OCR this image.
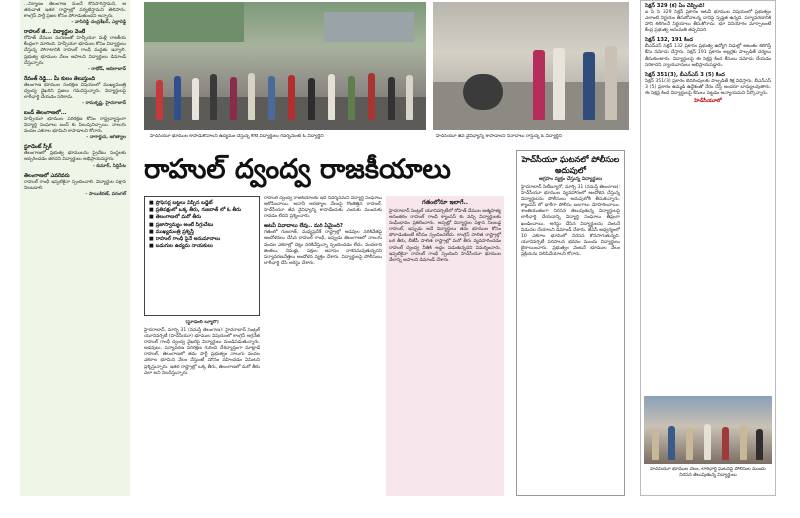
...నిర్మాణం తెలంగాణ నుంచే కొనసాగిస్తామని, ఆ తరువాత ఇతర రాష్ట్రాల్లో పర్యటిస్తామని తెలిపారు. కాంగ్రెస్ పార్టీ ప్రజల కోసం పోరాడుతుందని అన్నారు.
- వాసిరెడ్డి చంద్రశేఖర్, ఎల్లారెడ్డి
రాహుల్ జీ... విద్యార్థుల వెంటే
రోహిత్ వేముల మరణంతో హెచ్సీయూ మళ్లీ రాజకీయ కేంద్రంగా మారింది. హెచ్సీయూ భూముల కోసం విద్యార్థులు చేస్తున్న పోరాటానికి రాహుల్ గాంధీ మద్దతు ఇవ్వాలి. ప్రభుత్వ భూముల వేలం ఆపాలని విద్యార్థులు డిమాండ్ చేస్తున్నారు.
- రాథోడ్, ఆదిలాబాద్
రేవంత్ రెడ్డి... మీ కులం తెలుస్తుంది
తెలంగాణ భూముల సంరక్షణ విషయంలో ముఖ్యమంత్రి ద్వంద్వ వైఖరిని ప్రజలు గమనిస్తున్నారు. విద్యార్థులపై లాఠీఛార్జి చేయడం సరికాదు.
- రామకృష్ణ, హైదరాబాద్
బంద్ తెలంగాణలో...
హెచ్సీయూ భూముల పరిరక్షణ కోసం రాష్ట్రవ్యాప్తంగా విద్యార్థి సంఘాలు బంద్ కు పిలుపునిచ్చాయి. నాలుగు వందల ఎకరాల భూమిని కాపాడాలని కోరారు.
- నాగార్జున, జగిత్యాల
స్టూడెంట్ స్పీక్
తెలంగాణలో ప్రభుత్వ భూములను ప్రైవేటు సంస్థలకు అప్పగించడం తగదని విద్యార్థులు అభిప్రాయపడ్డారు.
- కుమార్, సిద్దిపేట
తెలంగాణలో ఎవరెవరు
రాహుల్ గాంధీ ఇప్పటికైనా స్పందించాలి. విద్యార్థుల పక్షాన నిలబడాలి.
- సాయికిరణ్, వరంగల్
హెచ్‌సీయూ భూముల కాపాడుకోవాలని ఉద్యమం చేస్తున్న కోటి విద్యార్థులు గవర్నమెంట్ ఓ విద్యార్థిని	హెచ్‌సీయూ జీవ వైవిధ్యాన్ని కాపాడాలని నినాదాలు రాస్తున్న ఓ విద్యార్థిని
రాహుల్ ద్వంద్వ రాజకీయాలు
■ ప్రొఫెసర్ల బట్టలు విప్పిన బడ్జెట్
■ ప్రతిపక్షంలో ఒక్క తీరు, గుజరాత్ లో ఓ తీరు
■ తెలంగాణలో మరో తీరు
■ ప్రజాస్వామ్యం అంటే సిగ్గుచేటు
■ ముఖ్యమంత్రి ప్రశ్నిస్తే
■ రాహుల్ గాంధీ పైనే అనుమానాలు
■ బడుగుల ఉద్యమ నాయకులు
(స్టూడెంట్ బ్యూరో)
హైదరాబాద్, మార్చి 31 (నమస్తే తెలంగాణ): హైదరాబాద్ సెంట్రల్ యూనివర్సిటీ (హెచ్‌సీయూ) భూముల విషయంలో కాంగ్రెస్ అగ్రనేత రాహుల్ గాంధీ ద్వంద్వ వైఖరిపై విద్యార్థులు మండిపడుతున్నారు. అడవులు, పర్యావరణ పరిరక్షణ గురించి దేశవ్యాప్తంగా మాట్లాడే రాహుల్, తెలంగాణలో తమ పార్టీ ప్రభుత్వం నాలుగు వందల ఎకరాల భూమిని వేలం వేస్తుంటే మౌనం వహించడం ఏమిటని ప్రశ్నిస్తున్నారు. ఇతర రాష్ట్రాల్లో ఒక్క తీరు, తెలంగాణలో మరో తీరు ఎలా అని నిలదీస్తున్నారు.
రాహుల్ ద్వంద్వ రాజకీయాలకు ఇదే నిదర్శనమని విద్యార్థి సంఘాలు ఆరోపించాయి. అదానీ అరణ్యాల వేలంపై గొంతెత్తిన రాహుల్, హెచ్‌సీయూ జీవ వైవిధ్యాన్ని కాపాడేందుకు ఎందుకు ముందుకు రావడం లేదని ప్రశ్నించారు.
అటవీ వివాదాలు లేవు.. మరి ఏమైంది?
గతంలో గుజరాత్, మధ్యప్రదేశ్ రాష్ట్రాల్లో అడవుల నరికివేతపై ఆందోళనలు చేసిన రాహుల్ గాంధీ, ఇప్పుడు తెలంగాణలో నాలుగు వందల ఎకరాల్లో చెట్లు నరికివేస్తున్నా స్పందించడం లేదు. వందలాది జింకలు, నెమళ్లు, పక్షుల ఆవాసం నాశనమవుతున్నదని పర్యావరణవేత్తలు ఆందోళన వ్యక్తం చేశారు. విద్యార్థులపై పోలీసులు లాఠీఛార్జి చేసి అరెస్టు చేశారు.
గతంలోనూ ఇలాగే..
హైదరాబాద్ సెంట్రల్ యూనివర్సిటీలో రోహిత్ వేముల ఆత్మహత్య అనంతరం రాహుల్ గాంధీ క్యాంపస్ కు వచ్చి విద్యార్థులకు సంఘీభావం ప్రకటించారు. అప్పట్లో విద్యార్థుల పక్షాన నిలబడ్డ రాహుల్, ఇప్పుడు అదే విద్యార్థులు తమ భూముల కోసం పోరాడుతుంటే కనీసం స్పందించలేదు. కాంగ్రెస్ పాలిత రాష్ట్రాల్లో ఒక తీరు, బీజేపీ పాలిత రాష్ట్రాల్లో మరో తీరు వ్యవహరించడం రాహుల్ ద్వంద్వ నీతికి అద్దం పడుతున్నదని విమర్శించారు. ఇప్పటికైనా రాహుల్ గాంధీ స్పందించి హెచ్‌సీయూ భూముల వేలాన్ని ఆపాలని డిమాండ్ చేశారు.
హెచ్‌సీయూ ఘటనలో పోలీసుల అదుపులో
ఆగ్రహం వ్యక్తం చేస్తున్న విద్యార్థులు
హైదరాబాద్ సిటీబ్యూరో, మార్చి 31 (నమస్తే తెలంగాణ): హెచ్‌సీయూ భూముల వ్యవహారంలో ఆందోళన చేస్తున్న విద్యార్థులను పోలీసులు అదుపులోకి తీసుకున్నారు. క్యాంపస్ లో భారీగా పోలీసు బలగాలు మోహరించాయి. శాంతియుతంగా నిరసన తెలుపుతున్న విద్యార్థులపై లాఠీఛార్జి చేయడాన్ని విద్యార్థి సంఘాలు తీవ్రంగా ఖండించాయి. అరెస్టు చేసిన విద్యార్థులను వెంటనే విడుదల చేయాలని డిమాండ్ చేశారు. జేఏసీ ఆధ్వర్యంలో 10 ఎకరాల భూమిలో నిరసన కొనసాగుతున్నది. యూనివర్సిటీ పరిపాలన భవనం ముందు విద్యార్థులు బైఠాయించారు. ప్రభుత్వం వెంటనే భూముల వేలం ప్రక్రియను నిలిపివేయాలని కోరారు.
సెక్షన్ 329 (క) ఏం చెప్పింది!
ఐ పి సి 329 సెక్షన్ ప్రకారం అటవీ భూముల విషయంలో ప్రభుత్వం ఎలాంటి నిర్ణయం తీసుకోవాలన్న దానిపై స్పష్టత ఉన్నది. పర్యావరణానికి హాని కలిగించే నిర్ణయాలు తీసుకోరాదు. భూ వినియోగం మార్చాలంటే కేంద్ర ప్రభుత్వ అనుమతి తప్పనిసరి.
సెక్షన్ 132, 191 కింద
బీఎన్ఎస్ సెక్షన్ 132 ప్రకారం ప్రభుత్వ ఉద్యోగి విధుల్లో ఆటంకం కలిగిస్తే కేసు నమోదు చేస్తారు. సెక్షన్ 191 ప్రకారం అల్లర్లకు పాల్పడితే చర్యలు తీసుకుంటారు. విద్యార్థులపై ఈ సెక్షన్ల కింద కేసులు నమోదు చేయడం సరికాదని న్యాయవాదులు అభిప్రాయపడ్డారు.
సెక్షన్ 351(3), బీఎన్ఎస్ 3 (5) కింద
సెక్షన్ 351(3) ప్రకారం బెదిరింపులకు పాల్పడితే శిక్ష విధిస్తారు. బీఎన్ఎస్ 3 (5) ప్రకారం ఉమ్మడి ఉద్దేశంతో నేరం చేస్తే అందరూ బాధ్యులవుతారు. ఈ సెక్షన్ల కింద విద్యార్థులపై కేసులు పెట్టడం అన్యాయమని పేర్కొన్నారు.
హెచ్‌సీయూలో
హెచ్‌సీయూ భూముల వేలం, లాఠీఛార్జి ఘటనపై పోలీసుల ముందు నిరసన తెలుపుతున్న విద్యార్థులు
